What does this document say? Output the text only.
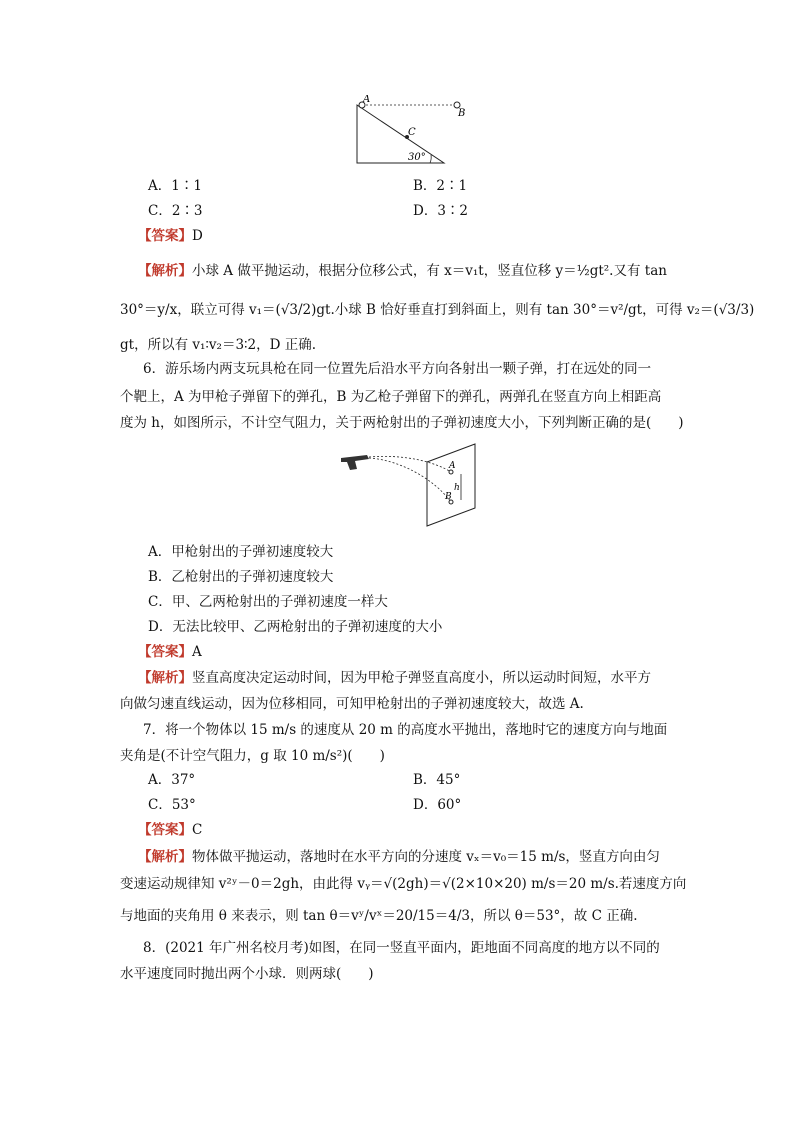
A
B
C
30°
A．1∶1	B．2∶1
C．2∶3	D．3∶2
【答案】D
【解析】小球 A 做平抛运动，根据分位移公式，有 x＝v₁t，竖直位移 y＝½gt².又有 tan
30°＝y/x，联立可得 v₁＝(√3/2)gt.小球 B 恰好垂直打到斜面上，则有 tan 30°＝v²/gt，可得 v₂＝(√3/3)
gt，所以有 v₁∶v₂＝3∶2，D 正确.
6．游乐场内两支玩具枪在同一位置先后沿水平方向各射出一颗子弹，打在远处的同一
个靶上，A 为甲枪子弹留下的弹孔，B 为乙枪子弹留下的弹孔，两弹孔在竖直方向上相距高
度为 h，如图所示，不计空气阻力，关于两枪射出的子弹初速度大小，下列判断正确的是(　　)
A
B
h
A．甲枪射出的子弹初速度较大
B．乙枪射出的子弹初速度较大
C．甲、乙两枪射出的子弹初速度一样大
D．无法比较甲、乙两枪射出的子弹初速度的大小
【答案】A
【解析】竖直高度决定运动时间，因为甲枪子弹竖直高度小，所以运动时间短，水平方
向做匀速直线运动，因为位移相同，可知甲枪射出的子弹初速度较大，故选 A.
7．将一个物体以 15 m/s 的速度从 20 m 的高度水平抛出，落地时它的速度方向与地面
夹角是(不计空气阻力，g 取 10 m/s²)(　　)
A．37°	B．45°
C．53°	D．60°
【答案】C
【解析】物体做平抛运动，落地时在水平方向的分速度 vₓ＝v₀＝15 m/s，竖直方向由匀
变速运动规律知 v²ʸ－0＝2gh，由此得 vᵧ＝√(2gh)＝√(2×10×20) m/s＝20 m/s.若速度方向
与地面的夹角用 θ 来表示，则 tan θ＝vʸ/vˣ＝20/15＝4/3，所以 θ＝53°，故 C 正确.
8．(2021 年广州名校月考)如图，在同一竖直平面内，距地面不同高度的地方以不同的
水平速度同时抛出两个小球．则两球(　　)
